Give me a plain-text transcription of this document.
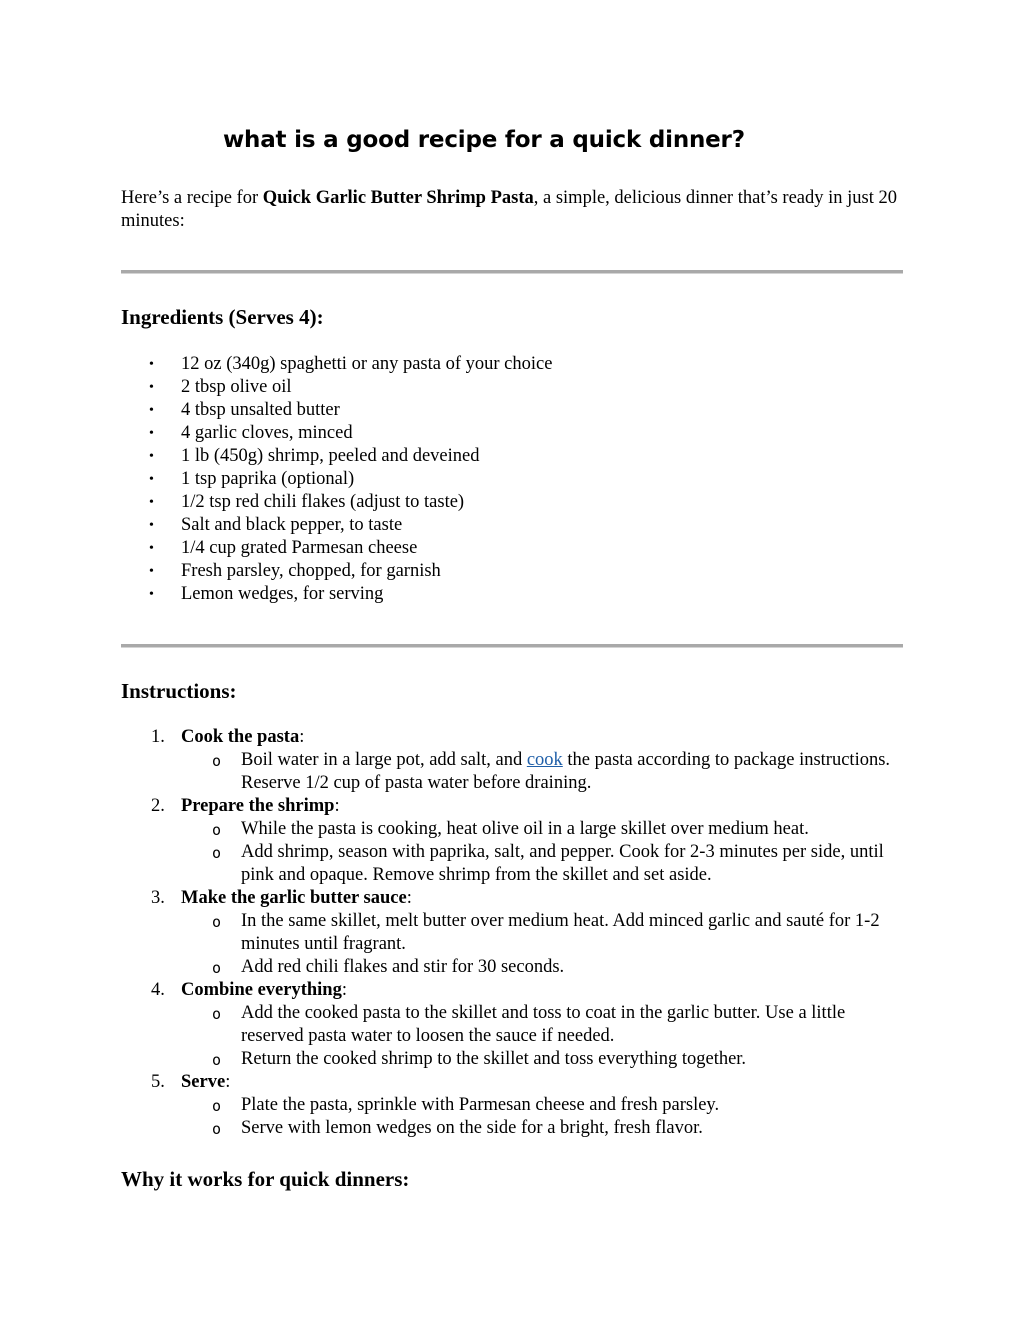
what is a good recipe for a quick dinner?

Here’s a recipe for Quick Garlic Butter Shrimp Pasta, a simple, delicious dinner that’s ready in just 20 minutes:

Ingredients (Serves 4):
• 12 oz (340g) spaghetti or any pasta of your choice
• 2 tbsp olive oil
• 4 tbsp unsalted butter
• 4 garlic cloves, minced
• 1 lb (450g) shrimp, peeled and deveined
• 1 tsp paprika (optional)
• 1/2 tsp red chili flakes (adjust to taste)
• Salt and black pepper, to taste
• 1/4 cup grated Parmesan cheese
• Fresh parsley, chopped, for garnish
• Lemon wedges, for serving
Instructions:
1. Cook the pasta:
o Boil water in a large pot, add salt, and cook the pasta according to package instructions. Reserve 1/2 cup of pasta water before draining.
2. Prepare the shrimp:
o While the pasta is cooking, heat olive oil in a large skillet over medium heat.
o Add shrimp, season with paprika, salt, and pepper. Cook for 2-3 minutes per side, until pink and opaque. Remove shrimp from the skillet and set aside.
3. Make the garlic butter sauce:
o In the same skillet, melt butter over medium heat. Add minced garlic and sauté for 1-2 minutes until fragrant.
o Add red chili flakes and stir for 30 seconds.
4. Combine everything:
o Add the cooked pasta to the skillet and toss to coat in the garlic butter. Use a little reserved pasta water to loosen the sauce if needed.
o Return the cooked shrimp to the skillet and toss everything together.
5. Serve:
o Plate the pasta, sprinkle with Parmesan cheese and fresh parsley.
o Serve with lemon wedges on the side for a bright, fresh flavor.
Why it works for quick dinners:
